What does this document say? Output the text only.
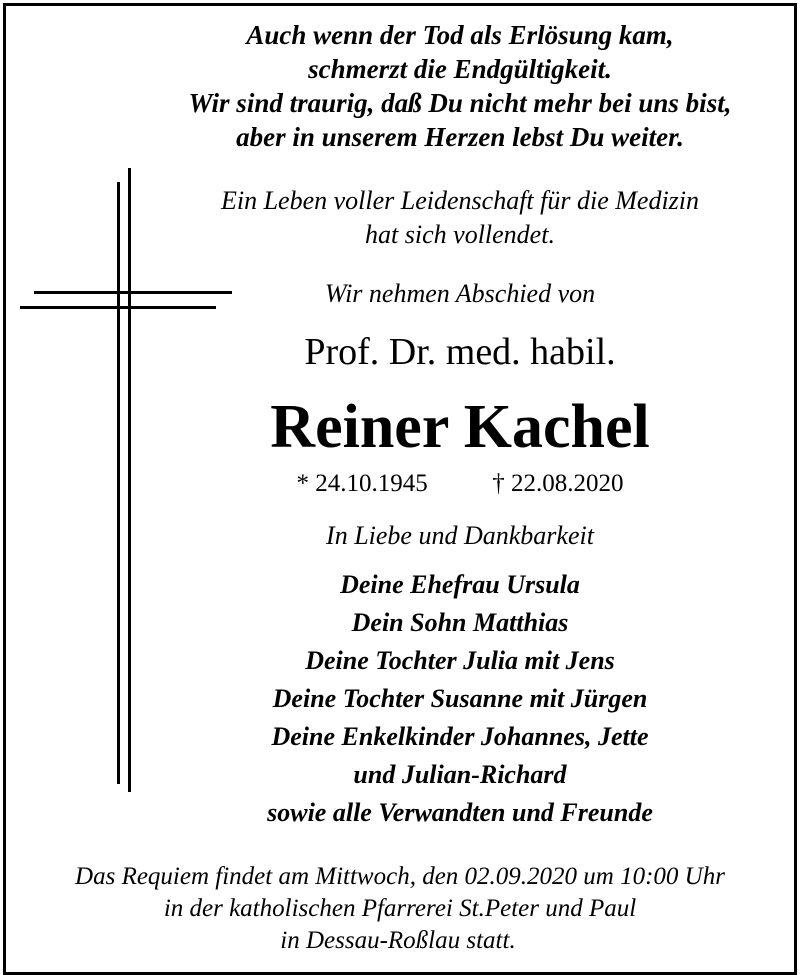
Auch wenn der Tod als Erlösung kam,

schmerzt die Endgültigkeit.

Wir sind traurig, daß Du nicht mehr bei uns bist,

aber in unserem Herzen lebst Du weiter.

Ein Leben voller Leidenschaft für die Medizin

hat sich vollendet.

Wir nehmen Abschied von

Prof. Dr. med. habil.

Reiner Kachel

* 24.10.1945	† 22.08.2020

In Liebe und Dankbarkeit

Deine Ehefrau Ursula

Dein Sohn Matthias

Deine Tochter Julia mit Jens

Deine Tochter Susanne mit Jürgen

Deine Enkelkinder Johannes, Jette

und Julian-Richard

sowie alle Verwandten und Freunde

Das Requiem findet am Mittwoch, den 02.09.2020 um 10:00 Uhr

in der katholischen Pfarrerei St.Peter und Paul

in Dessau-Roßlau statt.
